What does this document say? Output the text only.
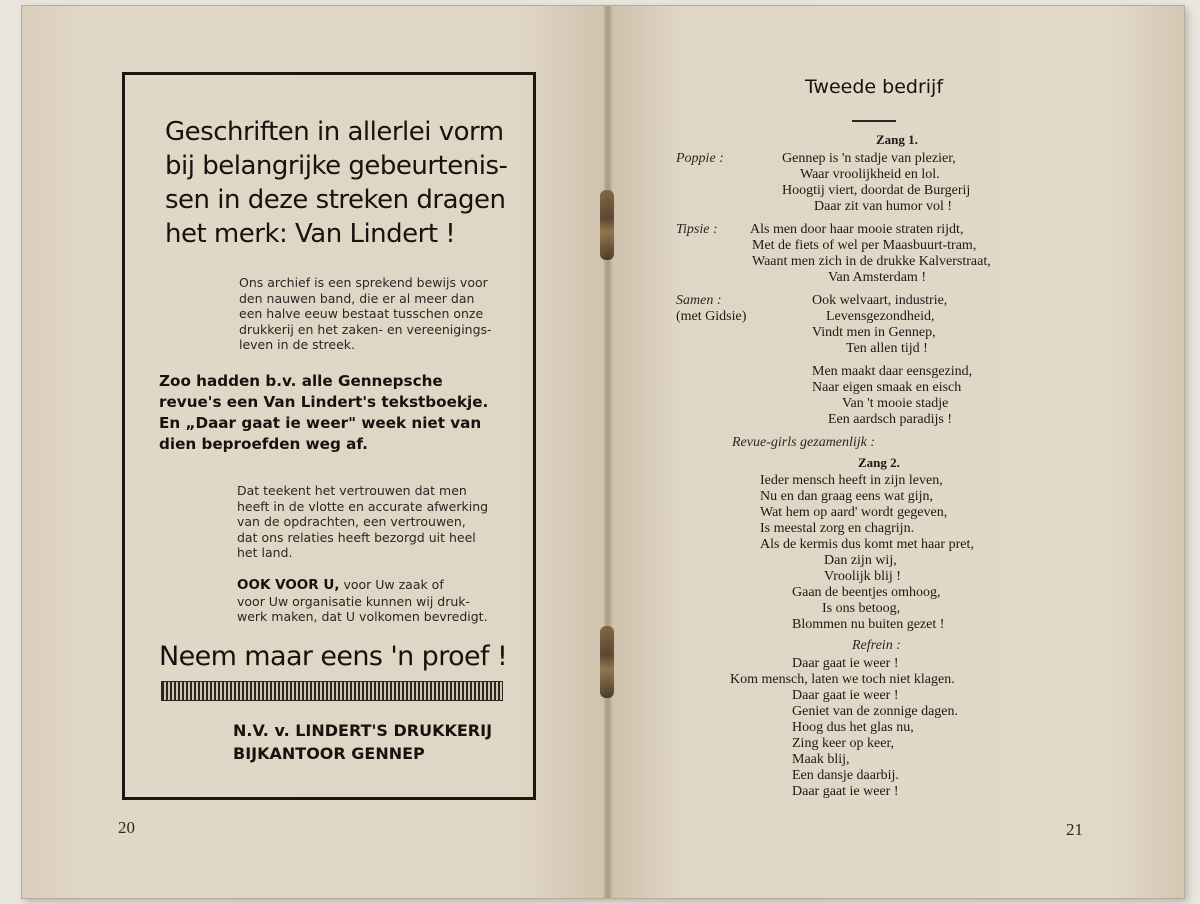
Geschriften in allerlei vorm
bij belangrijke gebeurtenis-
sen in deze streken dragen
het merk: Van Lindert !
Ons archief is een sprekend bewijs voor
den nauwen band, die er al meer dan
een halve eeuw bestaat tusschen onze
drukkerij en het zaken- en vereenigings-
leven in de streek.
Zoo hadden b.v. alle Gennepsche
revue's een Van Lindert's tekstboekje.
En „Daar gaat ie weer" week niet van
dien beproefden weg af.
Dat teekent het vertrouwen dat men
heeft in de vlotte en accurate afwerking
van de opdrachten, een vertrouwen,
dat ons relaties heeft bezorgd uit heel
het land.
OOK VOOR U, voor Uw zaak of
voor Uw organisatie kunnen wij druk-
werk maken, dat U volkomen bevredigt.
Neem maar eens 'n proef !
N.V. v. LINDERT'S DRUKKERIJ
BIJKANTOOR GENNEP
20
Tweede bedrijf
Zang 1.
Poppie :	Gennep is 'n stadje van plezier,
Waar vroolijkheid en lol.
Hoogtij viert, doordat de Burgerij
Daar zit van humor vol !
Tipsie : Als men door haar mooie straten rijdt,
Met de fiets of wel per Maasbuurt-tram,
Waant men zich in de drukke Kalverstraat,
Van Amsterdam !
Samen :
(met Gidsie)
Ook welvaart, industrie,
Levensgezondheid,
Vindt men in Gennep,
Ten allen tijd !
Men maakt daar eensgezind,
Naar eigen smaak en eisch
Van 't mooie stadje
Een aardsch paradijs !
Revue-girls gezamenlijk :
Zang 2.
Ieder mensch heeft in zijn leven,
Nu en dan graag eens wat gijn,
Wat hem op aard' wordt gegeven,
Is meestal zorg en chagrijn.
Als de kermis dus komt met haar pret,
Dan zijn wij,
Vroolijk blij !
Gaan de beentjes omhoog,
Is ons betoog,
Blommen nu buiten gezet !
Refrein :
Daar gaat ie weer !
Kom mensch, laten we toch niet klagen.
Daar gaat ie weer !
Geniet van de zonnige dagen.
Hoog dus het glas nu,
Zing keer op keer,
Maak blij,
Een dansje daarbij.
Daar gaat ie weer !
21
